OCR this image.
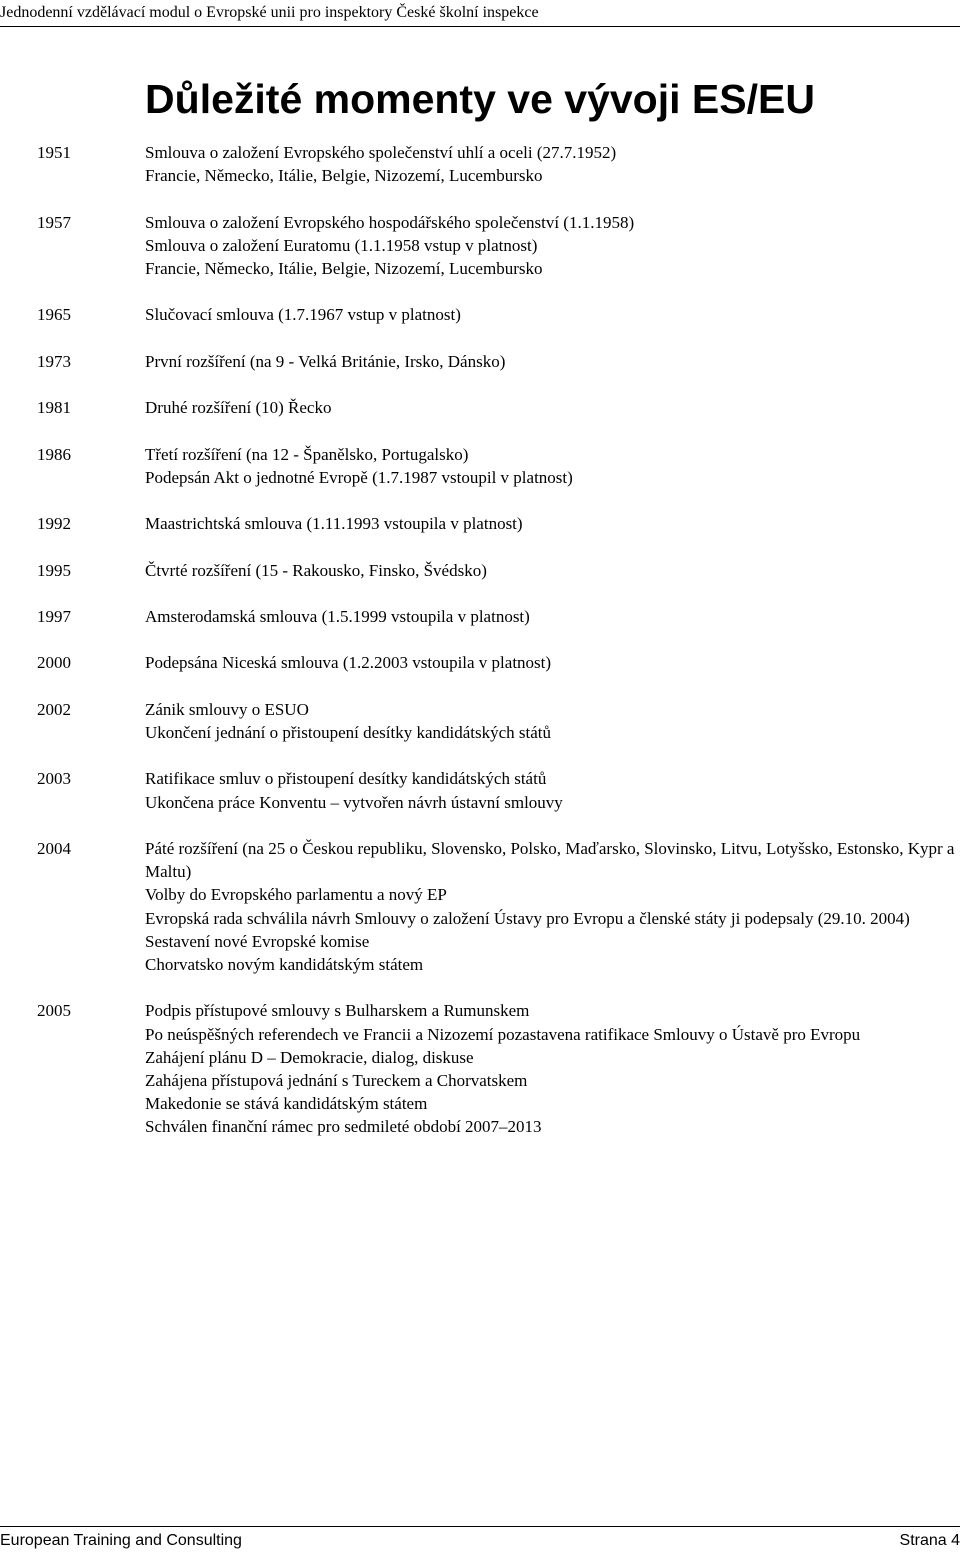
Jednodenní vzdělávací modul o Evropské unii pro inspektory České školní inspekce
Důležité momenty ve vývoji ES/EU
1951	Smlouva o založení Evropského společenství uhlí a oceli (27.7.1952)
Francie, Německo, Itálie, Belgie, Nizozemí, Lucembursko
1957	Smlouva o založení Evropského hospodářského společenství (1.1.1958)
Smlouva o založení Euratomu (1.1.1958 vstup v platnost)
Francie, Německo, Itálie, Belgie, Nizozemí, Lucembursko
1965	Slučovací smlouva (1.7.1967 vstup v platnost)
1973	První rozšíření (na 9 - Velká Británie, Irsko, Dánsko)
1981	Druhé rozšíření (10) Řecko
1986	Třetí rozšíření (na 12 - Španělsko, Portugalsko)
Podepsán Akt o jednotné Evropě (1.7.1987 vstoupil v platnost)
1992	Maastrichtská smlouva (1.11.1993 vstoupila v platnost)
1995	Čtvrté rozšíření (15 - Rakousko, Finsko, Švédsko)
1997	Amsterodamská smlouva (1.5.1999 vstoupila v platnost)
2000	Podepsána Niceská smlouva (1.2.2003 vstoupila v platnost)
2002	Zánik smlouvy o ESUO
Ukončení jednání o přistoupení desítky kandidátských států
2003	Ratifikace smluv o přistoupení desítky kandidátských států
Ukončena práce Konventu – vytvořen návrh ústavní smlouvy
2004	Páté rozšíření (na 25 o Českou republiku, Slovensko, Polsko, Maďarsko, Slovinsko, Litvu, Lotyšsko, Estonsko, Kypr a Maltu)
Volby do Evropského parlamentu a nový EP
Evropská rada schválila návrh Smlouvy o založení Ústavy pro Evropu a členské státy ji podepsaly (29.10. 2004)
Sestavení nové Evropské komise
Chorvatsko novým kandidátským státem
2005	Podpis přístupové smlouvy s Bulharskem a Rumunskem
Po neúspěšných referendech ve Francii a Nizozemí pozastavena ratifikace Smlouvy o Ústavě pro Evropu
Zahájení plánu D – Demokracie, dialog, diskuse
Zahájena přístupová jednání s Tureckem a Chorvatskem
Makedonie se stává kandidátským státem
Schválen finanční rámec pro sedmileté období 2007–2013
European Training and Consulting	Strana 4
